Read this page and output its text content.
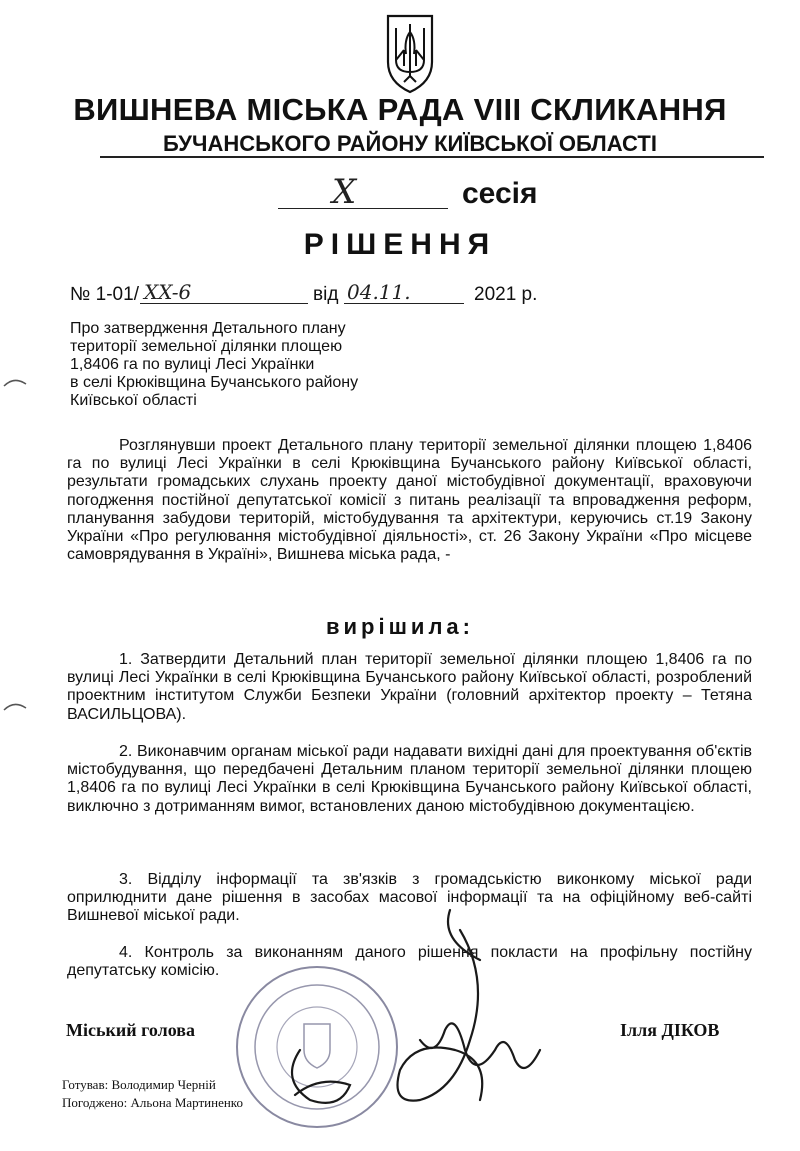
ВИШНЕВА МІСЬКА РАДА VIII СКЛИКАННЯ
БУЧАНСЬКОГО РАЙОНУ КИЇВСЬКОЇ ОБЛАСТІ
X	сесія
РІШЕННЯ
№ 1-01/ XX-6	від 04.11.	2021 р.
Про затвердження Детального плану
території земельної ділянки площею
1,8406 га по вулиці Лесі Українки
в селі Крюківщина Бучанського району
Київської області
Розглянувши проект Детального плану території земельної ділянки площею 1,8406 га по вулиці Лесі Українки в селі Крюківщина Бучанського району Київської області, результати громадських слухань проекту даної містобудівної документації, враховуючи погодження постійної депутатської комісії з питань реалізації та впровадження реформ, планування забудови територій, містобудування та архітектури, керуючись ст.19 Закону України «Про регулювання містобудівної діяльності», ст. 26 Закону України «Про місцеве самоврядування в Україні», Вишнева міська рада, -
вирішила:
1. Затвердити Детальний план території земельної ділянки площею 1,8406 га по вулиці Лесі Українки в селі Крюківщина Бучанського району Київської області, розроблений проектним інститутом Служби Безпеки України (головний архітектор проекту – Тетяна ВАСИЛЬЦОВА).
2. Виконавчим органам міської ради надавати вихідні дані для проектування об'єктів містобудування, що передбачені Детальним планом території земельної ділянки площею 1,8406 га по вулиці Лесі Українки в селі Крюківщина Бучанського району Київської області, виключно з дотриманням вимог, встановлених даною містобудівною документацією.
3. Відділу інформації та зв'язків з громадськістю виконкому міської ради оприлюднити дане рішення в засобах масової інформації та на офіційному веб-сайті Вишневої міської ради.
4. Контроль за виконанням даного рішення покласти на профільну постійну депутатську комісію.
Міський голова	Ілля ДІКОВ
Готував: Володимир Черній
Погоджено: Альона Мартиненко
